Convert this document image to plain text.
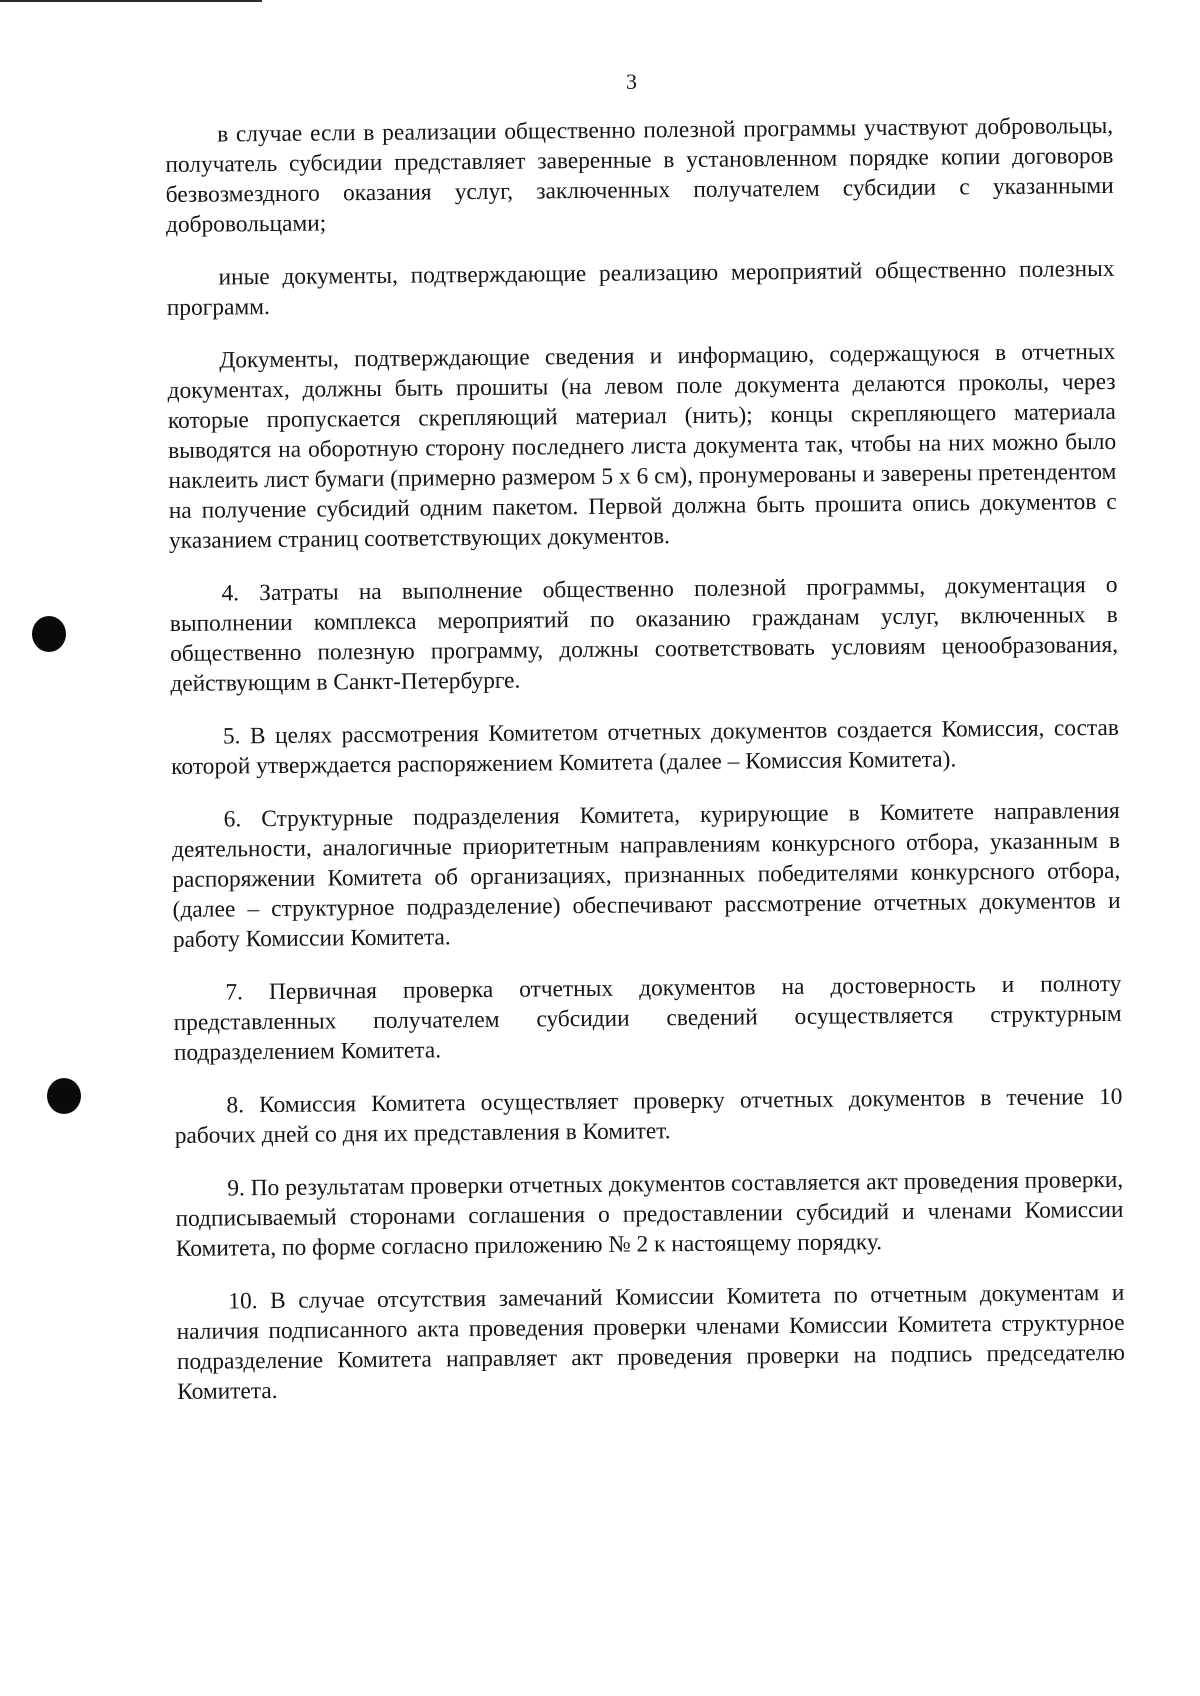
3

в случае если в реализации общественно полезной программы участвуют добровольцы, получатель субсидии представляет заверенные в установленном порядке копии договоров безвозмездного оказания услуг, заключенных получателем субсидии с указанными добровольцами;

иные документы, подтверждающие реализацию мероприятий общественно полезных программ.

Документы, подтверждающие сведения и информацию, содержащуюся в отчетных документах, должны быть прошиты (на левом поле документа делаются проколы, через которые пропускается скрепляющий материал (нить); концы скрепляющего материала выводятся на оборотную сторону последнего листа документа так, чтобы на них можно было наклеить лист бумаги (примерно размером 5 х 6 см), пронумерованы и заверены претендентом на получение субсидий одним пакетом. Первой должна быть прошита опись документов с указанием страниц соответствующих документов.

4. Затраты на выполнение общественно полезной программы, документация о выполнении комплекса мероприятий по оказанию гражданам услуг, включенных в общественно полезную программу, должны соответствовать условиям ценообразования, действующим в Санкт-Петербурге.

5. В целях рассмотрения Комитетом отчетных документов создается Комиссия, состав которой утверждается распоряжением Комитета (далее – Комиссия Комитета).

6. Структурные подразделения Комитета, курирующие в Комитете направления деятельности, аналогичные приоритетным направлениям конкурсного отбора, указанным в распоряжении Комитета об организациях, признанных победителями конкурсного отбора, (далее – структурное подразделение) обеспечивают рассмотрение отчетных документов и работу Комиссии Комитета.

7. Первичная проверка отчетных документов на достоверность и полноту представленных получателем субсидии сведений осуществляется структурным подразделением Комитета.

8. Комиссия Комитета осуществляет проверку отчетных документов в течение 10 рабочих дней со дня их представления в Комитет.

9. По результатам проверки отчетных документов составляется акт проведения проверки, подписываемый сторонами соглашения о предоставлении субсидий и членами Комиссии Комитета, по форме согласно приложению № 2 к настоящему порядку.

10. В случае отсутствия замечаний Комиссии Комитета по отчетным документам и наличия подписанного акта проведения проверки членами Комиссии Комитета структурное подразделение Комитета направляет акт проведения проверки на подпись председателю Комитета.
